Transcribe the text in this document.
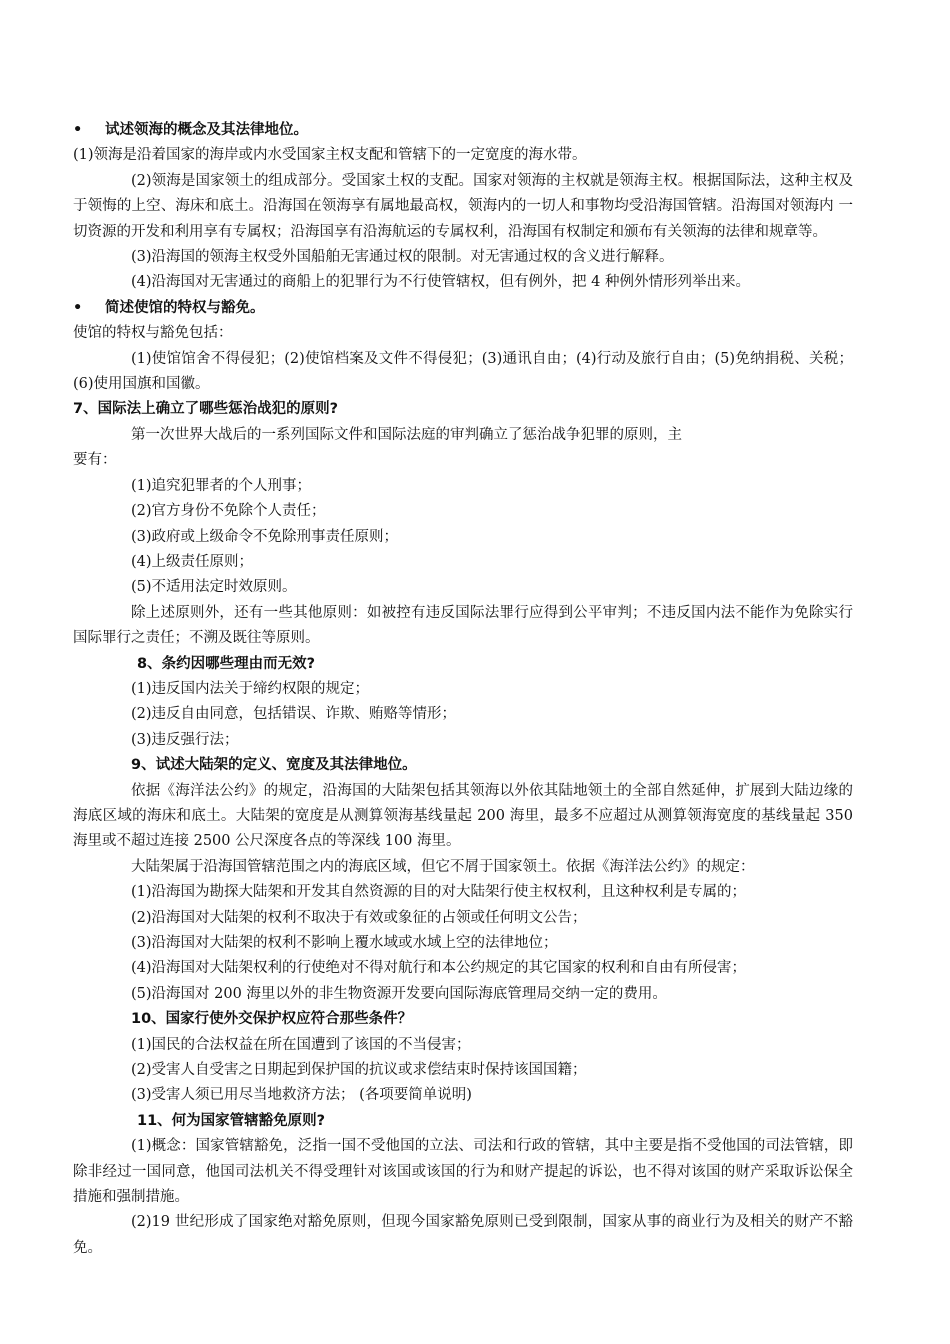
• 试述领海的概念及其法律地位。

(1)领海是沿着国家的海岸或内水受国家主权支配和管辖下的一定宽度的海水带。

(2)领海是国家领土的组成部分。受国家土权的支配。国家对领海的主权就是领海主权。根据国际法，这种主权及于领悔的上空、海床和底土。沿海国在领海享有属地最高权，领海内的一切人和事物均受沿海国管辖。沿海国对领海内 一切资源的开发和利用享有专属权；沿海国享有沿海航运的专属权利，沿海国有权制定和颁布有关领海的法律和规章等。

(3)沿海国的领海主权受外国船舶无害通过权的限制。对无害通过权的含义进行解释。

(4)沿海国对无害通过的商船上的犯罪行为不行使管辖权，但有例外，把 4 种例外情形列举出来。

• 简述使馆的特权与豁免。

使馆的特权与豁免包括：

(1)使馆馆舍不得侵犯；(2)使馆档案及文件不得侵犯；(3)通讯自由；(4)行动及旅行自由；(5)免纳捐税、关税；(6)使用国旗和国徽。

7、国际法上确立了哪些惩治战犯的原则?

第一次世界大战后的一系列国际文件和国际法庭的审判确立了惩治战争犯罪的原则，主

要有：

(1)追究犯罪者的个人刑事；

(2)官方身份不免除个人责任；

(3)政府或上级命令不免除刑事责任原则；

(4)上级责任原则；

(5)不适用法定时效原则。

除上述原则外，还有一些其他原则：如被控有违反国际法罪行应得到公平审判；不违反国内法不能作为免除实行国际罪行之责任；不溯及既往等原则。

8、条约因哪些理由而无效?

(1)违反国内法关于缔约权限的规定；

(2)违反自由同意，包括错误、诈欺、贿赂等情形；

(3)违反强行法；

9、试述大陆架的定义、宽度及其法律地位。

依据《海洋法公约》的规定，沿海国的大陆架包括其领海以外依其陆地领土的全部自然延伸，扩展到大陆边缘的海底区域的海床和底土。大陆架的宽度是从测算领海基线量起 200 海里，最多不应超过从测算领海宽度的基线量起 350 海里或不超过连接 2500 公尺深度各点的等深线 100 海里。

大陆架属于沿海国管辖范围之内的海底区域，但它不屑于国家领土。依据《海洋法公约》的规定：

(1)沿海国为勘探大陆架和开发其自然资源的目的对大陆架行使主权权利，且这种权利是专属的；

(2)沿海国对大陆架的权利不取决于有效或象征的占领或任何明文公告；

(3)沿海国对大陆架的权利不影响上覆水域或水域上空的法律地位；

(4)沿海国对大陆架权利的行使绝对不得对航行和本公约规定的其它国家的权利和自由有所侵害；

(5)沿海国对 200 海里以外的非生物资源开发要向国际海底管理局交纳一定的费用。

10、国家行使外交保护权应符合那些条件？

(1)国民的合法权益在所在国遭到了该国的不当侵害；

(2)受害人自受害之日期起到保护国的抗议或求偿结束时保持该国国籍；

(3)受害人须已用尽当地救济方法； (各项要简单说明)

11、何为国家管辖豁免原则?

(1)概念：国家管辖豁免，泛指一国不受他国的立法、司法和行政的管辖，其中主要是指不受他国的司法管辖，即除非经过一国同意，他国司法机关不得受理针对该国或该国的行为和财产提起的诉讼，也不得对该国的财产采取诉讼保全措施和强制措施。

(2)19 世纪形成了国家绝对豁免原则，但现今国家豁免原则已受到限制，国家从事的商业行为及相关的财产不豁免。
